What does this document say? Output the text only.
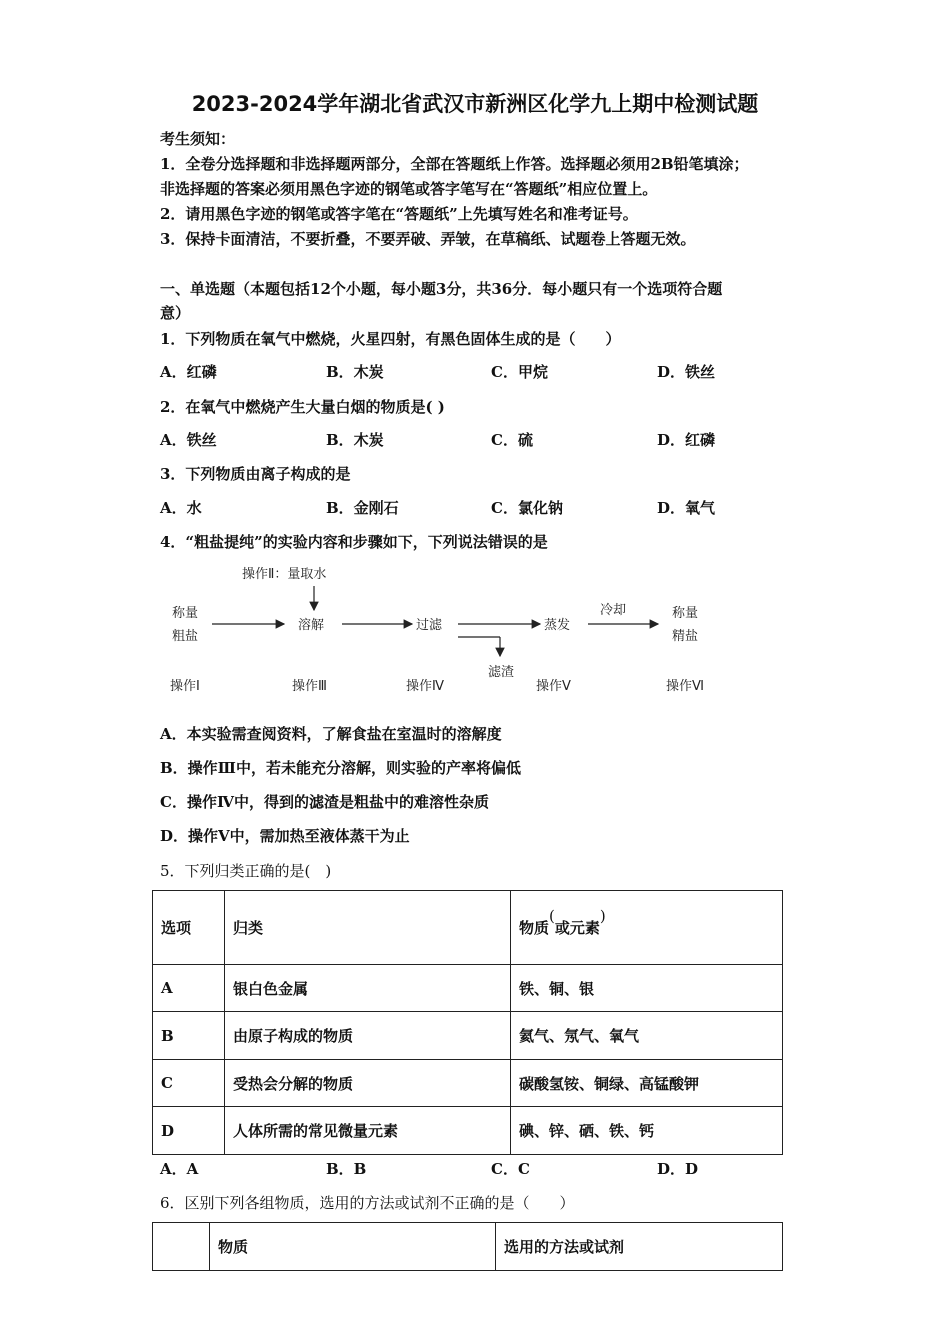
2023-2024学年湖北省武汉市新洲区化学九上期中检测试题
考生须知：
1．全卷分选择题和非选择题两部分，全部在答题纸上作答。选择题必须用2B铅笔填涂；
非选择题的答案必须用黑色字迹的钢笔或答字笔写在“答题纸”相应位置上。
2．请用黑色字迹的钢笔或答字笔在“答题纸”上先填写姓名和准考证号。
3．保持卡面清洁，不要折叠，不要弄破、弄皱，在草稿纸、试题卷上答题无效。
一、单选题（本题包括12个小题，每小题3分，共36分．每小题只有一个选项符合题
意）
1．下列物质在氧气中燃烧，火星四射，有黑色固体生成的是（　　）
A．红磷	B．木炭	C．甲烷	D．铁丝
2．在氧气中燃烧产生大量白烟的物质是( )
A．铁丝	B．木炭	C．硫	D．红磷
3．下列物质由离子构成的是
A．水	B．金刚石	C．氯化钠	D．氧气
4．“粗盐提纯”的实验内容和步骤如下，下列说法错误的是
操作Ⅱ：量取水
称量
粗盐
溶解	过滤
滤渣
蒸发
冷却	称量
精盐
操作Ⅰ	操作Ⅲ	操作Ⅳ	操作Ⅴ	操作Ⅵ
A．本实验需查阅资料，了解食盐在室温时的溶解度
B．操作Ⅲ中，若未能充分溶解，则实验的产率将偏低
C．操作Ⅳ中，得到的滤渣是粗盐中的难溶性杂质
D．操作Ⅴ中，需加热至液体蒸干为止
5．下列归类正确的是(　)
选项	归类	物质(或元素)
A	银白色金属	铁、铜、银
B	由原子构成的物质	氦气、氖气、氧气
C	受热会分解的物质	碳酸氢铵、铜绿、高锰酸钾
D	人体所需的常见微量元素	碘、锌、硒、铁、钙
A．A	B．B	C．C	D．D
6．区别下列各组物质，选用的方法或试剂不正确的是（　　）
	物质	选用的方法或试剂
